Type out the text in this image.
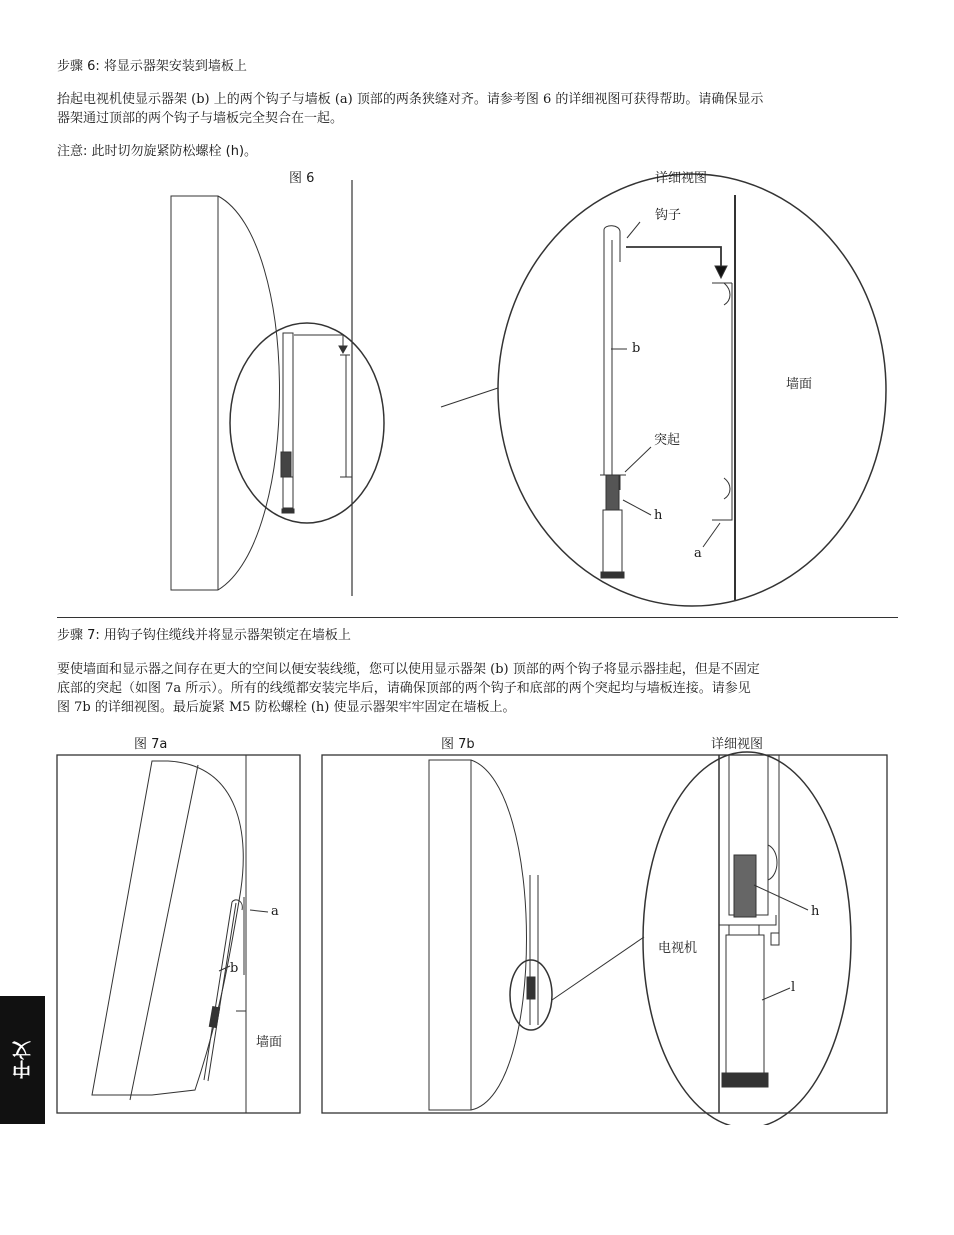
步骤 6: 将显示器架安装到墙板上
抬起电视机使显示器架 (b) 上的两个钩子与墙板 (a) 顶部的两条狭缝对齐。请参考图 6 的详细视图可获得帮助。请确保显示
器架通过顶部的两个钩子与墙板完全契合在一起。
注意: 此时切勿旋紧防松螺栓 (h)。
图 6	详细视图
钩子
b
墙面
突起
h
a
步骤 7: 用钩子钩住缆线并将显示器架锁定在墙板上
要使墙面和显示器之间存在更大的空间以便安装线缆，您可以使用显示器架 (b) 顶部的两个钩子将显示器挂起，但是不固定
底部的突起（如图 7a 所示）。所有的线缆都安装完毕后，请确保顶部的两个钩子和底部的两个突起均与墙板连接。请参见
图 7b 的详细视图。最后旋紧 M5 防松螺栓 (h) 使显示器架牢牢固定在墙板上。
图 7a	图 7b	详细视图
a
b
墙面
h
电视机
l
中文
